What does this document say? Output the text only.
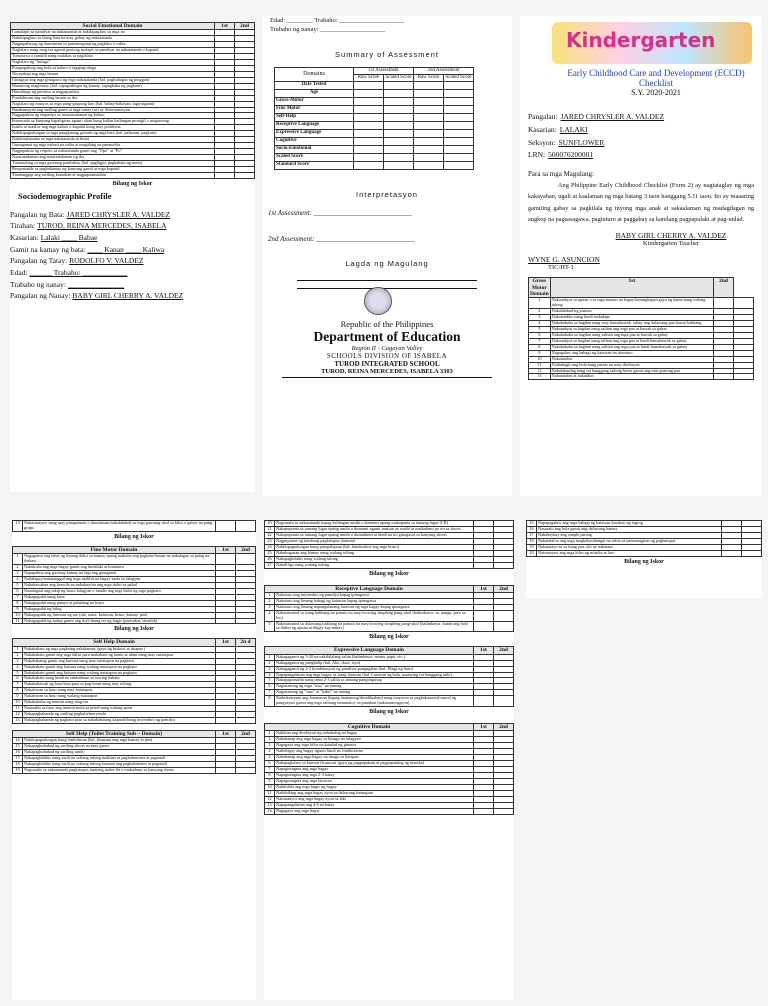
Social Emotional Domain	1st	2nd
Lumalapit sa pamilyar na nakatatanda at nakikipaglaro sa mga ito		
Nakikipaglaro sa ibang bata na may gabay ng nakatatanda		
Nagpapahayag ng damdamin sa pamamagitan ng pagkilos o salita		
Naglalaro nang mag-isa ngunit gustong malapit sa pamilyar na nakatatanda o kapatid		
Tumatawa o tumitili nang malakas sa paglalaro		
Naglalaro ng "bulaga"		
Pinapagulong ang bola sa kalaro o tagapag-alaga		
Niyayakap ang mga laruan		
Ginagaya ang mga ginagawa ng mga nakatatanda (hal. paghuhugas ng pinggan)		
Marunong maghintay (hal. sapagtuhugas ng kamay, sapagkuha ng pagkain)		
Humihingi ng permiso at nagpapaalam		
Pinahihiram ang sariling laruan sa iba		
Naglalaro ng maayos sa mga pang-grupong laro (hal. bahay-bahayan, tagu-taguan)		
Binabantayan ang sariling gamit at mga sanay (sa) ay determinasyon		
Nagpapakita ng empatiya sa nararamdaman ng kalaro		
Interesado sa kanyang kapaligiran ngunit alam kung kailan kailangan pumigil o magtanong		
Inaalo at inaaliw ang mga kalaro o kapatid kung may problema		
Nakikipagtulungan sa mga pangkatang gawain ng mga bata (hal. palaruan, pagkain)		
Nakikisalamuha sa mga nakatatanda at bisita		
Gumagamit ng mga mabait na salita at magalang na pananalita		
Nagpapakita ng respeto sa nakatatanda gamit ang "Opo" at "Po"		
Nararamdaman ang nararamdaman ng iba		
Tumutulong sa mga gawaing pambahay (hal. pagligpit, paghahain ng mesa)		
Responsable sa pagbabantay ng kanyang gamit at mga kapatid		
Tinatanggap ang sariling kamalian at nagpapaumanhin		
Bilang ng Iskor
Sociodemographic Profile
Pangalan ng Bata: JARED CHRYSLER A. VALDEZ
Tirahan: TUROD, REINA MERCEDES, ISABELA
Kasarian: Lalaki ____ Babae
Gamit na kamay ng bata: ____ Kanan ____ Kaliwa
Pangalan ng Tatay: RODOLFO V. VALDEZ
Edad: ______ Trabaho: ____________
Trabaho ng nanay: _______________
Pangalan ng Nanay: BABY GIRL CHERRY A. VALDEZ
Edad: ________ Trabaho: ____________________
Trabaho ng nanay: ____________________
Summary of Assessment
Domains	1st Assessment		2nd Assessment	
	Raw Score	Scaled Score	Raw Score	Scaled Score
Date Tested				
Age				
Gross-Motor				
Fine Motor				
Self-Help				
Receptive Language				
Expressive Language				
Cognitive				
Socio-Emotional				
Scaled Score				
Standard Score				
Interpretasyon
1st Assessment: ____________________________
2nd Assessment: ____________________________
Lagda ng Magulang
Republic of the Philippines
Department of Education
Region II - Cagayan Valley
SCHOOLS DIVISION OF ISABELA
TUROD INTEGRATED SCHOOL
TUROD, REINA MERCEDES, ISABELA 3303
Kindergarten
Early Childhood Care and Development (ECCD)
Checklist
S.Y. 2020-2021
Pangalan: JARED CHRYSLER A. VALDEZ
Kasarian: LALAKI
Seksyon: SUNFLOWER
LRN: 500076200001
Para sa mga Magulang:
Ang Philippine Early Childhood Checklist (Form 2) ay nagtataglay ng mga kakayahan, ugali at kaalaman ng mga batang 3 taon hanggang 5.11 taon. Ito ay maaaring gamiting gabay sa pagkilala ng inyong mga anak at sakaalaman ng madagdagan ng angkop na pagsasagawa, pagtuturo at paggabay sa kanilang pagpapalaki at pag-unlad.
BABY GIRL CHERRY A. VALDEZ
Kindergarten Teacher
WYNE G. ASUNCION
TIC/HT-1
Gross Motor Domain	1st	2nd	
1	Nakauakyat sa upuan o sa mga mataas na bagay/kasangkapan gaya ng kama nang walang tulong		
2	Nakalalakad ng paatras		
3	Nakatatakbo nang hindi nadadapa		
4	Nakabababa sa hagdan nang may humahawak, sabay ang dalawang paa bawat hakbang		
5	Nakauakyat sa hagdan nang salitan ang mga paa at hawak sa gabay		
6	Nakabababa sa hagdan nang salitan ang mga paa at hawak sa gabay		
7	Nakauakyat sa hagdan nang salitan ang mga paa at hindi humahawak sa gabay		
8	Nakabababa sa hagdan nang salitan ang mga paa at hindi humahawak sa gabay		
9	Nagagalaw ang bahagi ng katawan na itinuturo		
10	Nakatatalon		
11	Naihahagis ang bola nang pataas na may direksyon		
12	Nakalulundag nang isa hanggang tatlong beses gamit ang mas gustong paa		
13	Nakatatalon at nakaiikot		
13	Nakasasayaw nang may pinapatutan o itinuturuan/nakalalahok sa mga gawaing ukol sa kilos o galaw na pang grupo		
Bilang ng Iskor
Fine Motor Domain		1st	2nd
1	Nagagamit ang lahat ng limang daliri sa kamay upang makuha ang pagkain/laruan na nakalagay sa patag na ibabaw		
2	Nakukuha ang mga bagay gamit ang hinlalaki at hintuturo		
3	Napapakita ang gustong kamay na lagi ang ginagamit		
4	Nailalagay/naitatanggal ang mga maliliit na bagay mula sa lalagyan		
5	Nahahawakan ang krayola na nakakuyom ang mga daliri sa palad		
6	Naaalagaal ang takip ng bawa lalagyan o inaalis ang mga balot ng mga pagkain		
7	Nakaguguhit nang kusa		
8	Nakaguguhit nang patayo at pahalang na linya		
9	Nakaguguhit ng bilog		
10	Nakaguguhit ng larawan ng tao (ulo, mata, katawan, braso, kamay, paa)		
11	Nakaguguhit ng bahay gamit ang iba't-ibang uri ng hugis (parisukat, tatsulok)		
Bilang ng Iskor
Self Help Domain		1st	2n d
1	Nakakakain ng mga pagkaing nakakamay (gaya ng biskwit at tinapay)		
2	Nakakakain gamit ang mga daliri para makakain ng kanin at ulam nang may natatapon		
3	Nakakakaing gamit ang kutsara nang may natatapon na pagkain		
4	Nakakakain gamit ang kutsara nang walang natatapon na pagkain		
5	Nakakakain gamit ang kutsara nang walang natatapon na pagkain		
6	Nakakakain nang hindi na sinusubuan sa tuwing kakain		
7	Nakakahawak ng baso/tasa para sa pag-inom nang may tulong		
8	Nakaiinom sa baso nang may natatapon		
9	Nakaiinom sa baso nang walang natatapon		
10	Nakakakuha ng inumin nang mag-isa		
11	Nasasalin sa baso ang inumin mula sa pitsel nang walang apon		
12	Nakapaghahanda ng sariling pagkain/meryenda		
13	Nakapaghahanda ng pagkain para sa nakababatang kapatid/ibang miyembro ng pamilya		
Self Help (Toilet Training Sub – Domain)		1st	2nd
14	Nakikipagtulungan kung binibihisan (hal. Itinataas ang mga kamay at paa)		
15	Nakapaghuhubad ng sariling shorts na may garter		
16	Nakapaghuhubad ng sariling sando		
17	Nakapagbibihis nang sarili na walang tulong maliban sa pagbubutones at pagtatali		
18	Nakapagbibihis nang sarili na walang tulong kasama ang pagbubutones at pagtatali		
19	Nagsusabi sa nakatatanda pagkatapos lumiang maka-ihi o makadumi sa kanyang shorts		
20	Nagsasabi sa nakatatanda kapag kailangan umihi o dumumi upang makapunta sa tamang lugar (CR)		
21	Nakapupunta sa tamang lugar upang umihi o dumumi ngunit minsan ay maihi at madudumi pa rin sa shorts		
22	Nakapupunta sa tamang lugar upang umihi o dumudumi at hindi na ito ginagawa sa kanyang shorts		
23	Nagpupunas ng tumbong pagkatapos dumumi		
24	Nakikipagtulungan kung pinapaliguan (hal. kinukuskos ang mga braso)		
25	Nahuhugasan ang kamay nang walang tulong		
26	Nakapagbibihis nang walang tulong		
27	Nakaliligo nang walang tulong		
Bilang ng Iskor
Receptive Language Domain		1st	2nd
1	Naituturo ang miyembro ng pamilya kapag ipinagawa		
2	Naituturo ang limang bahagi ng katawan kapag ipinagawa		
3	Naituturo ang limang napangalanang larawan ng mga bagay kapag ipinagawa		
4	Nakasusunod sa isang hakbang na panuto na may/wowing simpleng pang-ukol (halimbawa: sa, uunga, para sa loo)		
5	Nakasusunod sa dalawang hakbang na panuto na may/wowing simpleng pang-ukol (halimbawa: kunin ang bola sa ilalim ng upuan at ibigay kay nanay)		
Bilang ng Iskor
Expressive Language Domain		1st	2nd
1	Nakagagamit ng 5-20 na nakikilalang salita (halimbawa: mama, papa, etc.)		
2	Nakagagamit ng panghalip (hal. Ako, ikaw, siya)		
3	Nakagagamit ng 2-3 kombinasyon ng pandiwa-pangngalan (hal. Hingi ng baso)		
4	Napapangalanan ang mga bagay sa isang larawan (hal. Larawan ng bola, maaaring isa hanggang tatlo)		
5	Nakapagsasalita nang tama 2-3 salita sa tamang pangungusap		
6	Nagtatanong ng mga "sino" na tanong		
7	Nagtatanong ng "sino" at "bakit" na tanong		
8	Naikukuwento ang karanasan (kapag tinatanong/dinidiktahan) nang mayroon sa pagkakasunod-sunod ng pangyayari gamit ang mga salitang tumutukoy sa panahon (nakaraan/ngayon)		
Bilang ng Iskor
Cognitive Domain		1st	2nd
1	Nakikita ang direksyon ng nahuhulog na bagay		
2	Nahahanap ang mga bagay sa binago na lalagyan		
3	Nagagaya ang mga kilos na katulad ng ginawa		
4	Naibibigay ang bagay ngunit hindi ito binibitawan		
5	Nahahanap ang mga bagay na tinago sa harapan		
6	Nakapaglalaro sa kunwari-kunwari (gaya ng pagpapakain at pagpapatulog ng manika)		
7	Napagtutugma ang mga bagay		
8	Napagtutugma ang mga 2-3 kulay		
9	Napagtutugma ang mga larawan		
10	Nakikilala ang mga hugis ng bagay		
11	Naibibilang ang mga bagay ayon sa dalawang katangian		
12	Naisasaayos ang mga bagay ayon sa laki		
13	Napapangalanan ang 4-6 na kulay		
14	Nagagaya ang mga hugis		
15	Napapagalaw ang mga bahagi ng katawan kasabay ng tugtog		
16	Nasasalo ang bola gamit ang dalawang kamay		
17	Nababaybay ang simple pacing		
18	Nakatatalon ang mga magkakasalungat na salita sa pamamagitan ng paghampas		
19	Nakatatayo sa sa isang paa, ulo ay nakataas		
20	Naisasayaw ang mga kilos ng musika at laro		
Bilang ng Iskor
